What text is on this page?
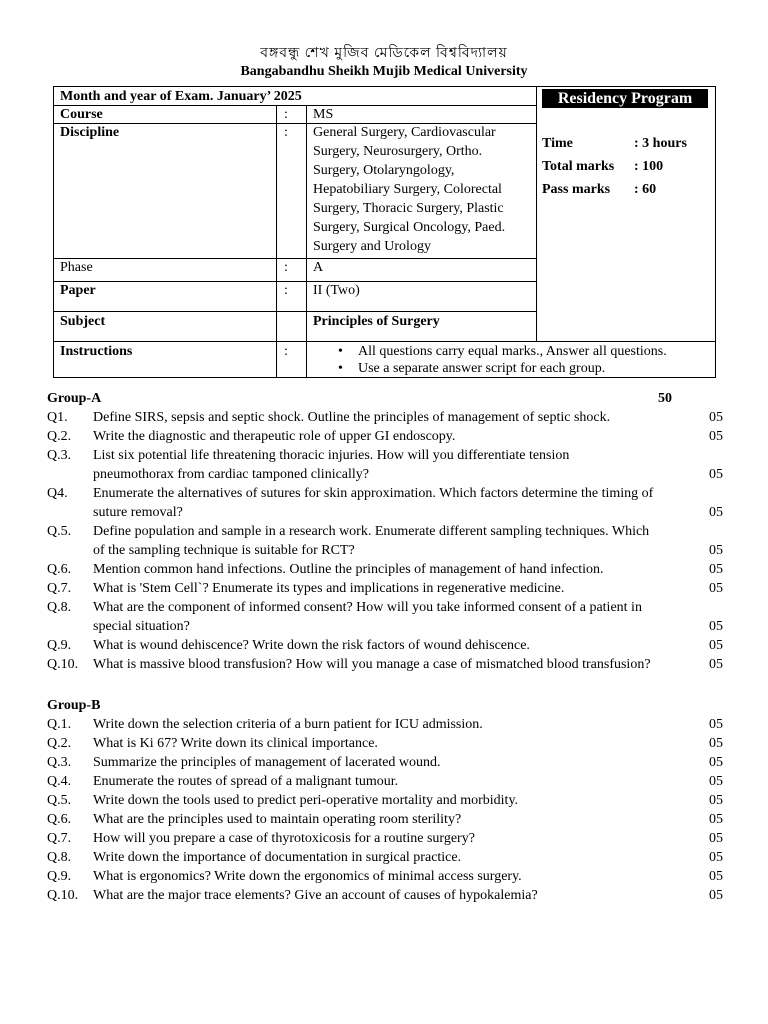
বঙ্গবন্ধু শেখ মুজিব মেডিকেল বিশ্ববিদ্যালয়
Bangabandhu Sheikh Mujib Medical University
Month and year of Exam. January’ 2025	Residency Program
Course	: MS
Discipline	: General Surgery, Cardiovascular
Surgery, Neurosurgery, Ortho.
Surgery, Otolaryngology,
Hepatobiliary Surgery, Colorectal
Surgery, Thoracic Surgery, Plastic
Surgery, Surgical Oncology, Paed.
Surgery and Urology
Phase	: A
Paper	: II (Two)
Subject	Principles of Surgery
Instructions	:	• All questions carry equal marks., Answer all questions.
• Use a separate answer script for each group.
Time	: 3 hours
Total marks : 100
Pass marks : 60
Group-A	50
Q1. Define SIRS, sepsis and septic shock. Outline the principles of management of septic shock.	05
Q.2. Write the diagnostic and therapeutic role of upper GI endoscopy.	05
Q.3. List six potential life threatening thoracic injuries. How will you differentiate tension
pneumothorax from cardiac tamponed clinically?	05
Q4. Enumerate the alternatives of sutures for skin approximation. Which factors determine the timing of
suture removal?	05
Q.5. Define population and sample in a research work. Enumerate different sampling techniques. Which
of the sampling technique is suitable for RCT?	05
Q.6. Mention common hand infections. Outline the principles of management of hand infection.	05
Q.7. What is 'Stem Cell`? Enumerate its types and implications in regenerative medicine.	05
Q.8. What are the component of informed consent? How will you take informed consent of a patient in
special situation?	05
Q.9. What is wound dehiscence? Write down the risk factors of wound dehiscence.	05
Q.10. What is massive blood transfusion? How will you manage a case of mismatched blood transfusion?	05
Group-B
Q.1. Write down the selection criteria of a burn patient for ICU admission.	05
Q.2. What is Ki 67? Write down its clinical importance.	05
Q.3. Summarize the principles of management of lacerated wound.	05
Q.4. Enumerate the routes of spread of a malignant tumour.	05
Q.5. Write down the tools used to predict peri-operative mortality and morbidity.	05
Q.6. What are the principles used to maintain operating room sterility?	05
Q.7. How will you prepare a case of thyrotoxicosis for a routine surgery?	05
Q.8. Write down the importance of documentation in surgical practice.	05
Q.9. What is ergonomics? Write down the ergonomics of minimal access surgery.	05
Q.10. What are the major trace elements? Give an account of causes of hypokalemia?	05
